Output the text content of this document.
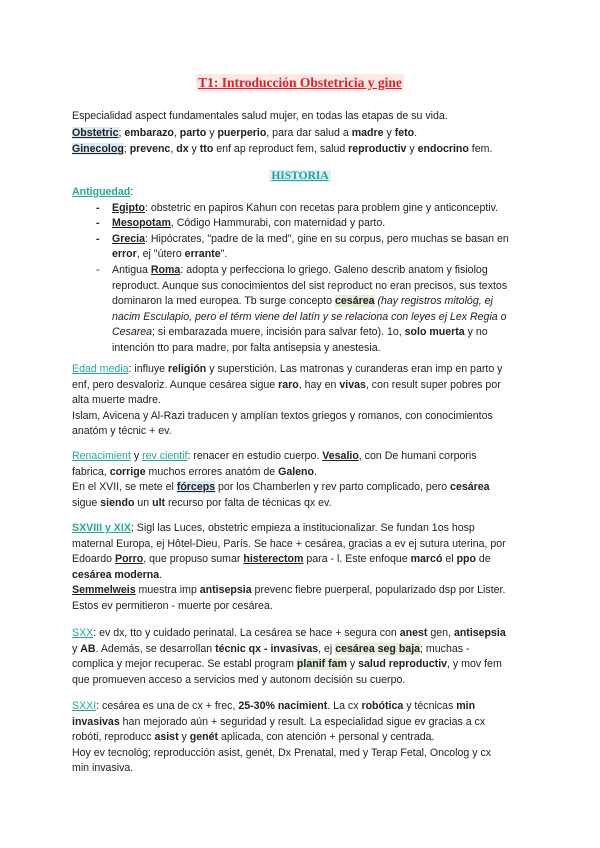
T1: Introducción Obstetricia y gine

Especialidad aspect fundamentales salud mujer, en todas las etapas de su vida.

Obstetric; embarazo, parto y puerperio, para dar salud a madre y feto.

Ginecolog; prevenc, dx y tto enf ap reproduct fem, salud reproductiv y endocrino fem.

HISTORIA
Antiguedad:
- Egipto: obstetric en papiros Kahun con recetas para problem gine y anticonceptiv.
- Mesopotam, Código Hammurabi, con maternidad y parto.
- Grecia: Hipócrates, "padre de la med", gine en su corpus, pero muchas se basan en
error, ej "útero errante".
- Antigua Roma: adopta y perfecciona lo griego. Galeno describ anatom y fisiolog
reproduct. Aunque sus conocimientos del sist reproduct no eran precisos, sus textos
dominaron la med europea. Tb surge concepto cesárea (hay registros mitológ, ej
nacim Esculapio, pero el térm viene del latín y se relaciona con leyes ej Lex Regia o
Cesarea; si embarazada muere, incisión para salvar feto). 1o, solo muerta y no
intención tto para madre, por falta antisepsia y anestesia.

Edad media: influye religión y superstición. Las matronas y curanderas eran imp en parto y

enf, pero desvaloriz. Aunque cesárea sigue raro, hay en vivas, con result super pobres por

alta muerte madre.

Islam, Avicena y Al-Razi traducen y amplían textos griegos y romanos, con conocimientos

anatóm y técnic + ev.

Renacimient y rev cientif: renacer en estudio cuerpo. Vesalio, con De humani corporis

fabrica, corrige muchos errores anatóm de Galeno.

En el XVII, se mete el fórceps por los Chamberlen y rev parto complicado, pero cesárea

sigue siendo un ult recurso por falta de técnicas qx ev.

SXVIII y XIX; Sigl las Luces, obstetric empieza a institucionalizar. Se fundan 1os hosp

maternal Europa, ej Hôtel-Dieu, París. Se hace + cesárea, gracias a ev ej sutura uterina, por

Edoardo Porro, que propuso sumar histerectom para - l. Este enfoque marcó el ppo de

cesárea moderna.

Semmelweis muestra imp antisepsia prevenc fiebre puerperal, popularizado dsp por Lister.

Estos ev permitieron - muerte por cesárea.

SXX: ev dx, tto y cuidado perinatal. La cesárea se hace + segura con anest gen, antisepsia

y AB. Además, se desarrollan técnic qx - invasivas, ej cesárea seg baja; muchas -

complica y mejor recuperac. Se establ program planif fam y salud reproductiv, y mov fem

que promueven acceso a servicios med y autonom decisión su cuerpo.

SXXI: cesárea es una de cx + frec, 25-30% nacimient. La cx robótica y técnicas min

invasivas han mejorado aún + seguridad y result. La especialidad sigue ev gracias a cx

robóti, reproducc asist y genét aplicada, con atención + personal y centrada.

Hoy ev tecnológ; reproducción asist, genét, Dx Prenatal, med y Terap Fetal, Oncolog y cx

min invasiva.
